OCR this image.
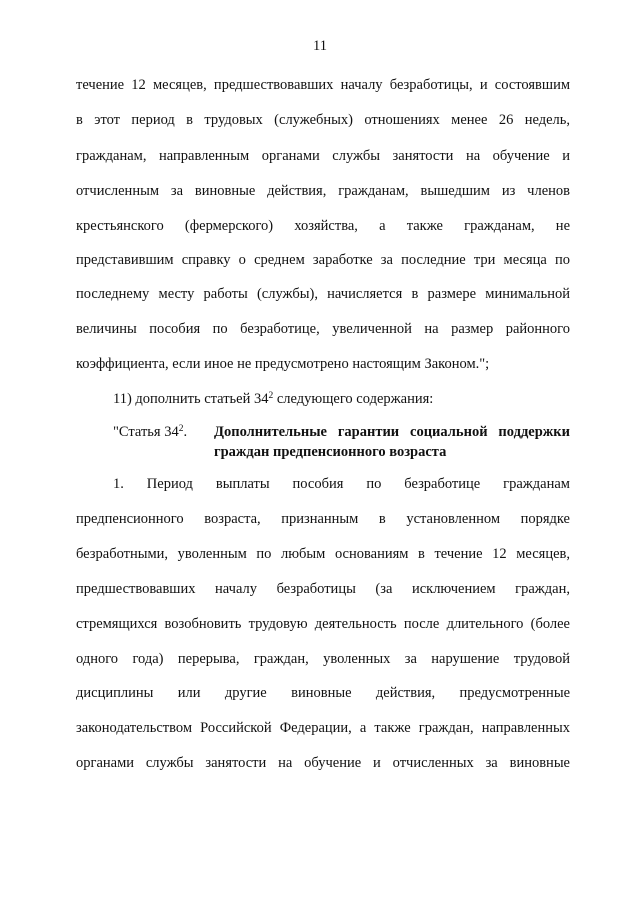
11
течение 12 месяцев, предшествовавших началу безработицы, и состоявшим
в этот период в трудовых (служебных) отношениях менее 26 недель,
гражданам, направленным органами службы занятости на обучение и
отчисленным за виновные действия, гражданам, вышедшим из членов
крестьянского (фермерского) хозяйства, а также гражданам, не
представившим справку о среднем заработке за последние три месяца по
последнему месту работы (службы), начисляется в размере минимальной
величины пособия по безработице, увеличенной на размер районного
коэффициента, если иное не предусмотрено настоящим Законом.";
11) дополнить статьей $34^2$ следующего содержания:
"Статья $34^2$.	Дополнительные гарантии социальной поддержки
граждан предпенсионного возраста
1. Период выплаты пособия по безработице гражданам
предпенсионного возраста, признанным в установленном порядке
безработными, уволенным по любым основаниям в течение 12 месяцев,
предшествовавших началу безработицы (за исключением граждан,
стремящихся возобновить трудовую деятельность после длительного (более
одного года) перерыва, граждан, уволенных за нарушение трудовой
дисциплины или другие виновные действия, предусмотренные
законодательством Российской Федерации, а также граждан, направленных
органами службы занятости на обучение и отчисленных за виновные
